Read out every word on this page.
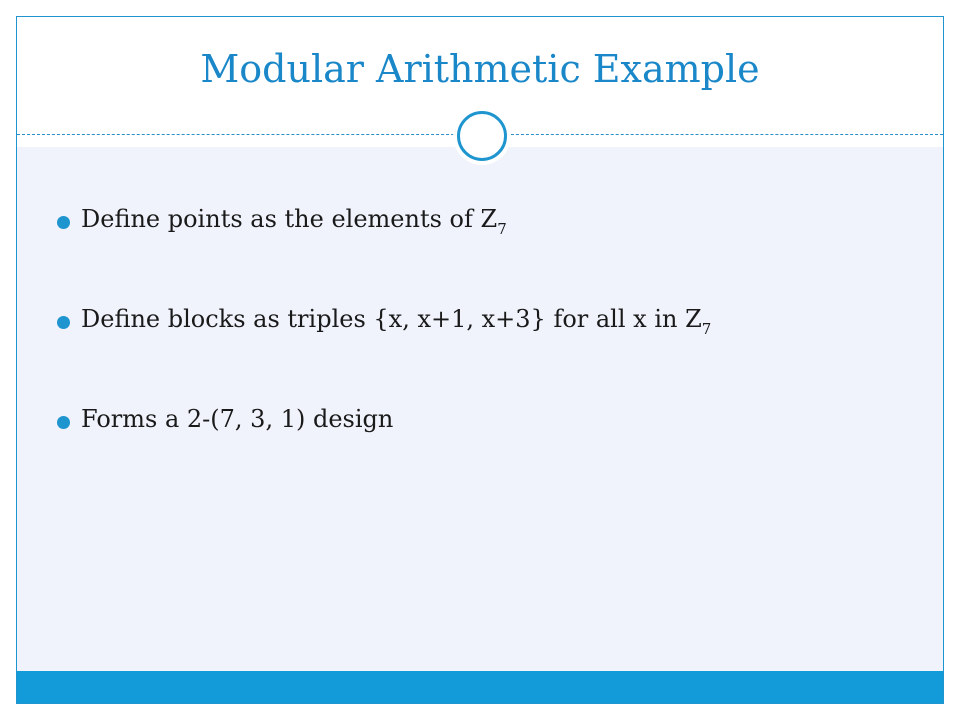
Modular Arithmetic Example
Define points as the elements of $Z_7$
Define blocks as triples {x, x+1, x+3} for all x in $Z_7$
Forms a 2-(7, 3, 1) design
